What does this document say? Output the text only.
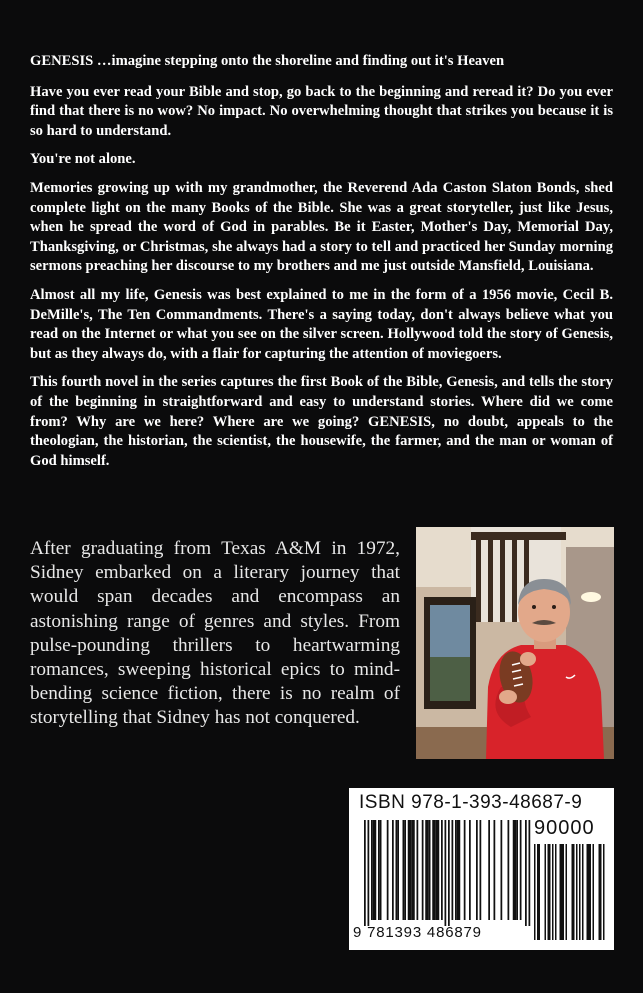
GENESIS …imagine stepping onto the shoreline and finding out it's Heaven

Have you ever read your Bible and stop, go back to the beginning and reread it? Do you ever find that there is no wow? No impact. No overwhelming thought that strikes you because it is so hard to understand.

You're not alone.

Memories growing up with my grandmother, the Reverend Ada Caston Slaton Bonds, shed complete light on the many Books of the Bible. She was a great storyteller, just like Jesus, when he spread the word of God in parables. Be it Easter, Mother's Day, Memorial Day, Thanksgiving, or Christmas, she always had a story to tell and practiced her Sunday morning sermons preaching her discourse to my brothers and me just outside Mansfield, Louisiana.

Almost all my life, Genesis was best explained to me in the form of a 1956 movie, Cecil B. DeMille's, The Ten Commandments. There's a saying today, don't always believe what you read on the Internet or what you see on the silver screen. Hollywood told the story of Genesis, but as they always do, with a flair for capturing the attention of moviegoers.

This fourth novel in the series captures the first Book of the Bible, Genesis, and tells the story of the beginning in straightforward and easy to understand stories. Where did we come from? Why are we here? Where are we going? GENESIS, no doubt, appeals to the theologian, the historian, the scientist, the housewife, the farmer, and the man or woman of God himself.

After graduating from Texas A&M in 1972, Sidney embarked on a literary journey that would span decades and encompass an astonishing range of genres and styles. From pulse-pounding thrillers to heartwarming romances, sweeping historical epics to mind-bending science fiction, there is no realm of storytelling that Sidney has not conquered.
ISBN 978-1-393-48687-9
90000
9 781393 486879
